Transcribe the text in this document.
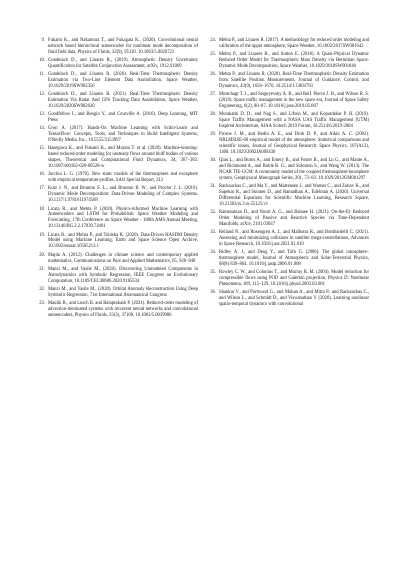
9. Fukami K., and Nakamura T., and Fukagata K., (2020). Convolutional neural network based hierarchical autoencoder for nonlinear mode decomposition of fluid field data, Physics of Fluids, 32(9), 95110. 10.1063/5.0020721
10. Gondelach D., and Linares R., (2019). Atmospheric Density Uncertainty Quantification for Satellite Conjunction Assessment, arXiv, 1912.01069
11. Gondelach D., and Linares R. (2020). Real-Time Thermospheric Density Estimation via Two-Line Element Data Assimilation, Space Weather, 10.1029/2019SW002356
12. Gondelach D., and Linares R. (2021). Real-Time Thermospheric Density Estimation Via Radar And GPS Tracking Data Assimilation, Space Weather, 10.1029/2020SW002620
13. Goodfellow I., and Bengio Y., and Courville A. (2016). Deep Learning, MIT Press
14. Gron A. (2017). Hands-On Machine Learning with Scikit-Learn and TensorFlow: Concepts, Tools, and Techniques to Build Intelligent Systems, O'Reilly Media, Inc., 10.5555/3153997
15. Hasegawa K., and Fukami K., and Murata T. et al. (2020). Machine-learning-based reduced-order modeling for unsteady flows around bluff bodies of various shapes, Theoretical and Computational Fluid Dynamics, 34, 367–383. 10.1007/s00162-020-00528-w
16. Jacchia L. G. (1970). New static models of the thermosphere and exosphere with empirical temperature profiles. SAO Special Report, 313
17. Kutz J. N., and Brunton S. L., and Brunton B. W., and Proctor J. L. (2016). Dynamic Mode Decomposition: Data-Driven Modeling of Complex Systems. 10.1137/1.9781611974508
18. Licata R., and Mehta P. (2020). Physics-informed Machine Learning with Autoencoders and LSTM for Probabilistic Space Weather Modeling and Forecasting, 17th Conference on Space Weather - 100th AMS Annual Meeting, 10.13140/RG.2.2.17039.74401
19. Licata R., and Mehta P., and Tobiska K. (2020). Data-Driven HASDM Density Model using Machine Learning, Earth and Space Science Open Archive, 10.1002/essoar.10505213.1
20. Majda A. (2012). Challenges in climate science and contemporary applied mathematics, Communications on Pure and Applied Mathematics, 65, 920–948
21. Manzi M., and Vasile M., (2020). Discovering Unmodeled Components in Astrodynamics with Symbolic Regression, IEEE Congress on Evolutionary Computation, 10.1109/CEC48606.2020.9185534
22. Manzi M., and Vasile M., (2020). Orbital Anomaly Reconstruction Using Deep Symbolic Regression, 71st International Astronautical Congress
23. Maulik R., and Lusch B. and Balaprakash P. (2021). Reduced-order modeling of advection-dominated systems with recurrent neural networks and convolutional autoencoders, Physics of Fluids, 33(3), 37106, 10.1063/5.0039986
24. Mehta P., and Linares R. (2017). A methodology for reduced order modeling and calibration of the upper atmosphere, Space Weather, 10.1002/2017SW001642
25. Mehta P., and Linares R., and Sutton E. (2018). A Quasi-Physical Dynamic Reduced Order Model for Thermospheric Mass Density via Hermitian Space-Dynamic Mode Decomposition, Space Weather, 10.1029/2018SW001840
26. Mehta P., and Linares R. (2020). Real-Time Thermospheric Density Estimation from Satellite Position Measurements, Journal of Guidance, Control, and Dynamics, 43(9), 1656–1670, 10.2514/1.G004793
27. Mutschagt T. J., and Sergeyevsky A. B., and Reif. Pierce J. H., and Wilson R. S. (2019). Space traffic management in the new space era, Journal of Space Safety Engineering, 6(2), 80–87. 10.1016/j.jsse.2019.05.007
28. Murakami D. D., and Nag S., and Lifson M., and Kopardekar P. H. (2019). Space Traffic Management with a NASA UAS Traffic Management (UTM) Inspired Architecture, AIAA Scitech 2019 Forum, 10.2514/6.2019-2004
29. Picone J. M., and Hedin A. E., and Drob D. P., and Aikin A. C. (2002). NRLMSISE-00 empirical model of the atmosphere: Statistical comparisons and scientific issues, Journal of Geophysical Research: Space Physics, 107(A12), 1468. 10.1029/2002JA009430
30. Qian L., and Burns A., and Emery B., and Foster B., and Lu G., and Maute A., and Richmond A., and Roble R. G., and Solomon S., and Wang W. (2013). The NCAR TIE-GCM: A community model of the coupled thermosphere/ionosphere system, Geophysical Monograph Series, 201, 73–83. 10.1029/2012GM001297
31. Rackauckas C., and Ma Y., and Martensen J., and Warner C., and Zubov K., and Supekar R., and Skinner D., and Ramadhan A., Edelman A. (2020). Universal Differential Equations for Scientific Machine Learning, Research Square, 10.21203/rs.3.rs-55125/v1
32. Ramezanian D., and Nouri A. G., and Babaee H. (2021). On-the-fly Reduced Order Modeling of Passive and Reactive Species via Time-Dependent Manifolds, arXiv, 2101.03847
33. Reiland N., and Rosengren A. J., and Malhotra R., and Bombardelli C. (2021). Assessing and minimizing collisions in satellite mega-constellations, Advances in Space Research, 10.1016/j.asr.2021.01.010
34. Ridley A. J., and Deng Y., and Tóth G. (2006). The global ionosphere–thermosphere model, Journal of Atmospheric and Solar-Terrestrial Physics, 68(8) 839–864. 10.1016/j.jastp.2006.01.008
35. Rowley C. W., and Colonius T., and Murray R. M. (2004). Model reduction for compressible flows using POD and Galerkin projection, Physica D: Nonlinear Phenomena, 189, 115–129. 10.1016/j.physd.2003.03.001
36. Shankar V., and Portwood G., and Mohan A., and Mitra P., and Rackauckas C., and Wilson L., and Schmidt D., and Viswanathan V. (2020). Learning nonlinear spatio-temporal dynamics with convolutional
